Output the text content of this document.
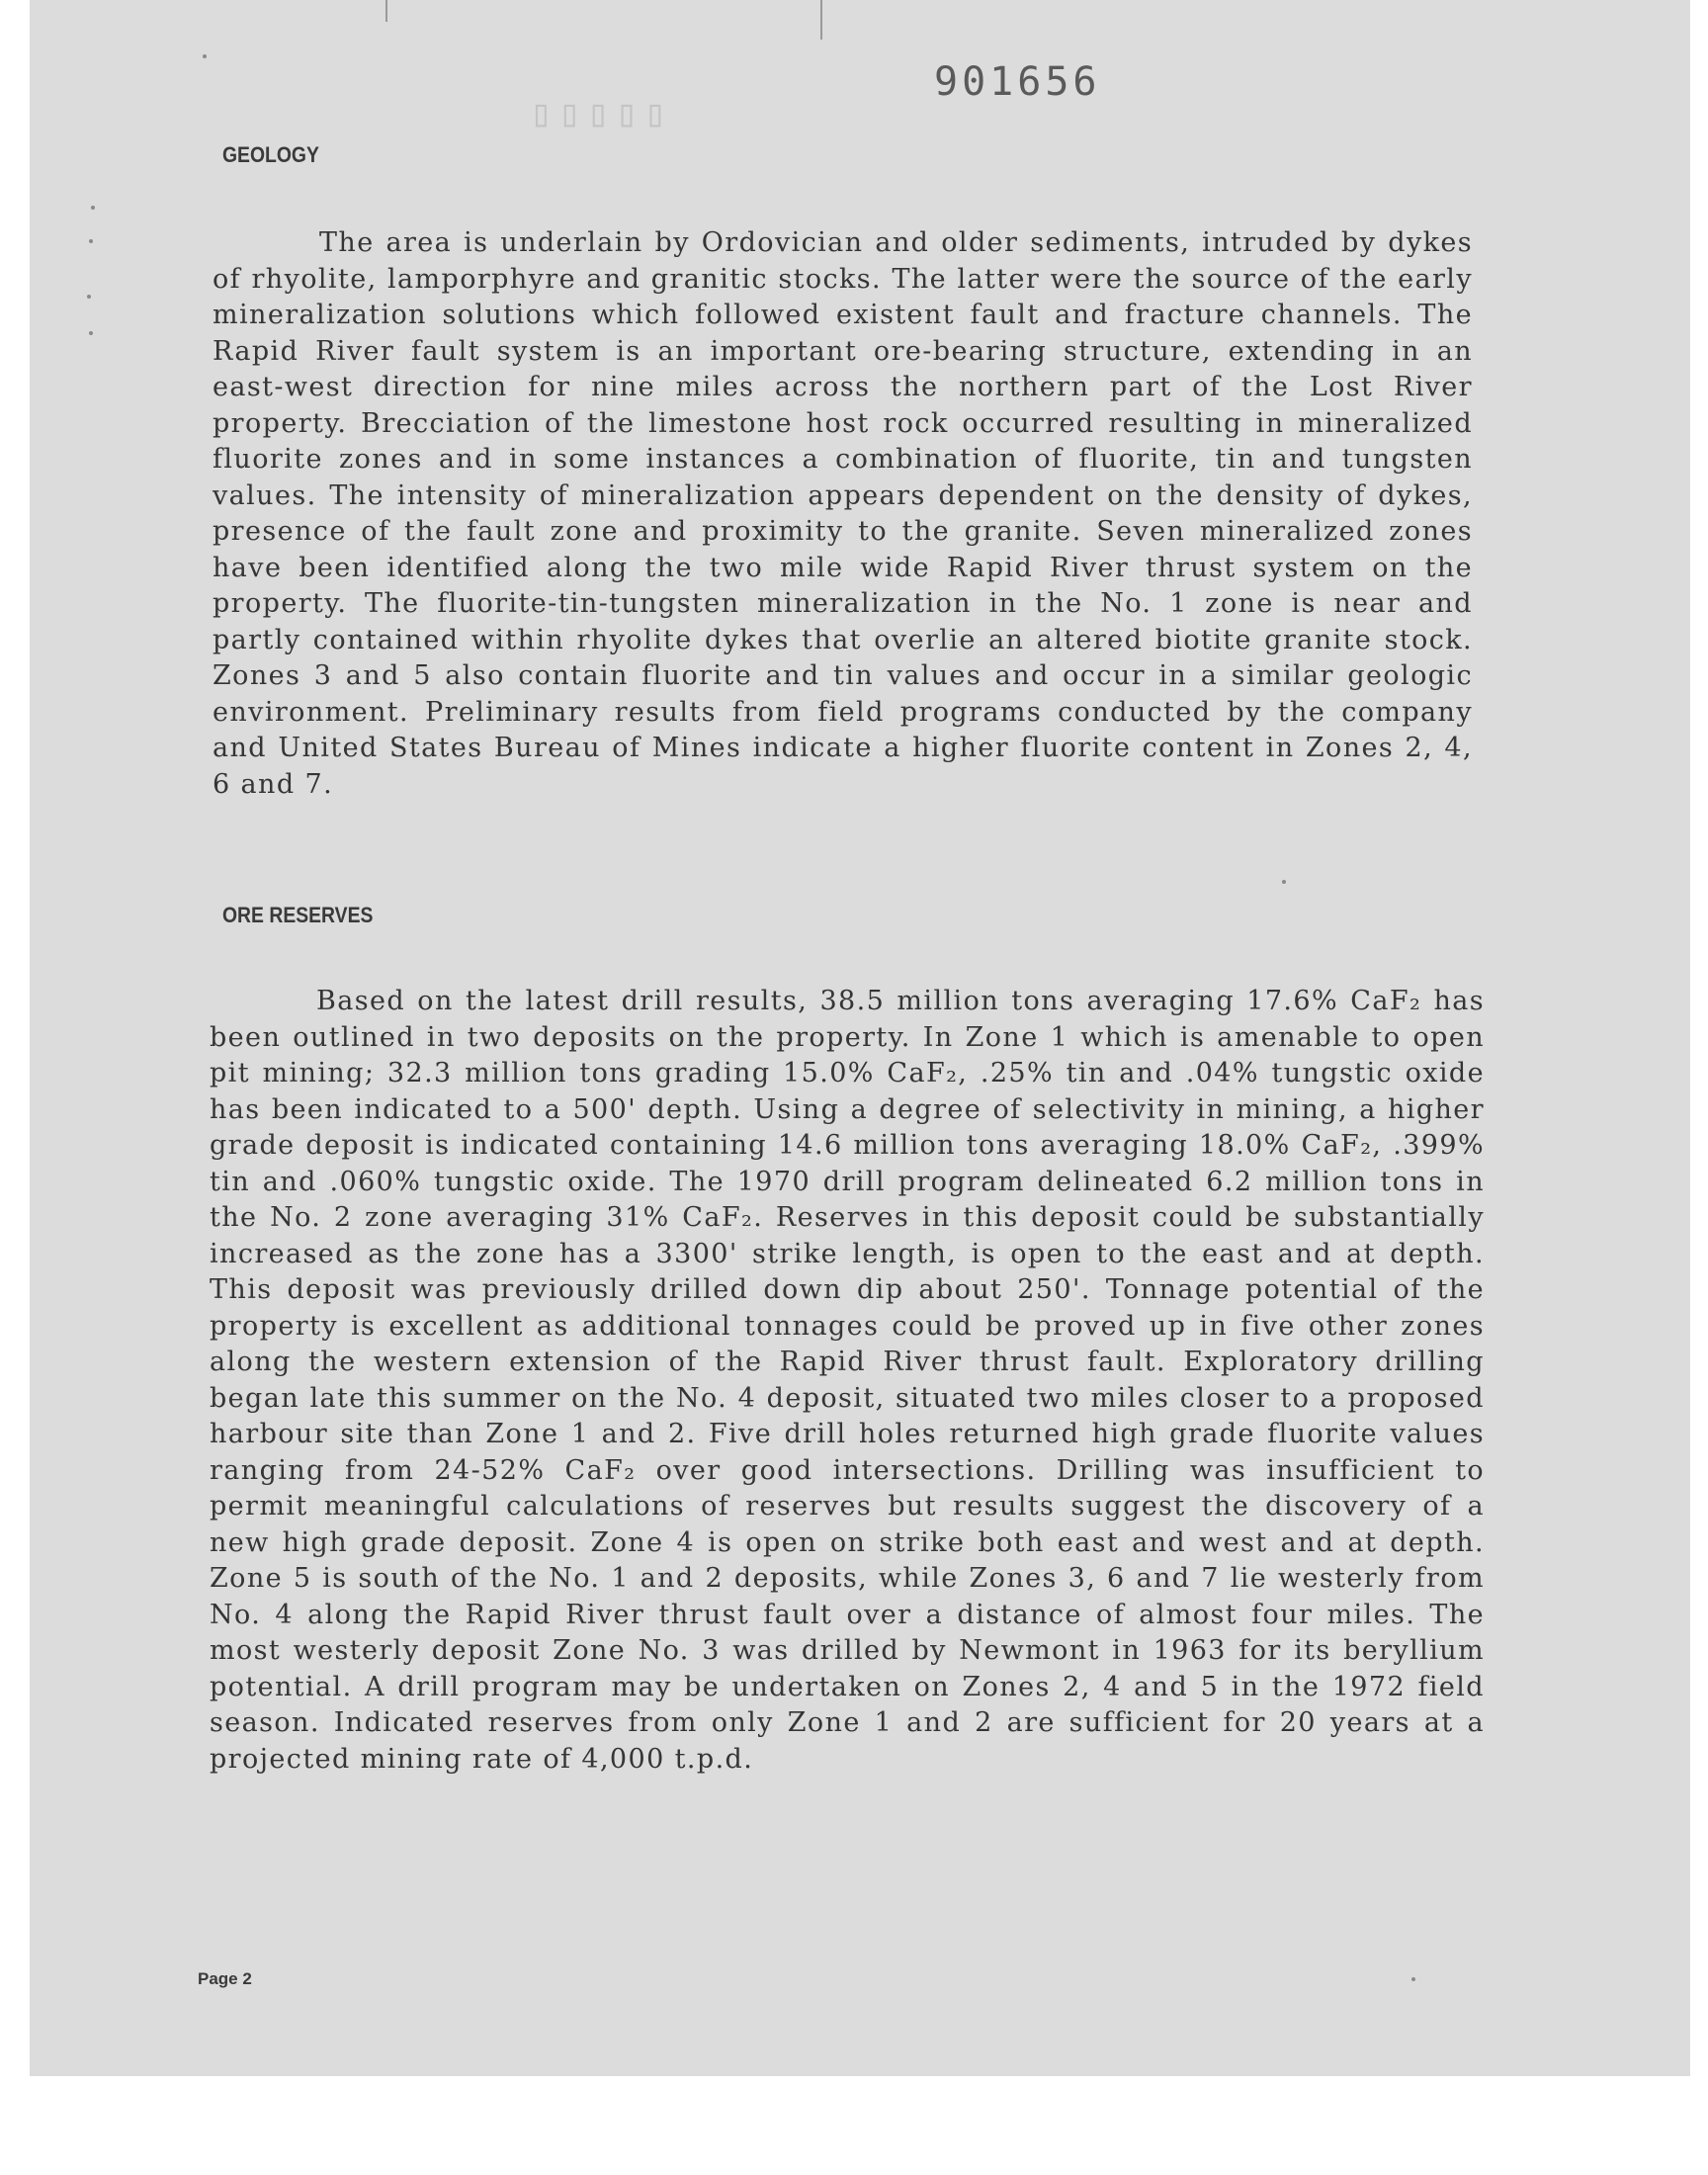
▯▯▯▯▯
901656
GEOLOGY

The area is underlain by Ordovician and older sediments, intruded by dykes of rhyolite, lamporphyre and granitic stocks. The latter were the source of the early mineralization solutions which followed existent fault and fracture channels. The Rapid River fault system is an important ore-bearing structure, extending in an east-west direction for nine miles across the northern part of the Lost River property. Brecciation of the limestone host rock occurred resulting in mineralized fluorite zones and in some instances a combination of fluorite, tin and tungsten values. The intensity of mineralization appears dependent on the density of dykes, presence of the fault zone and proximity to the granite. Seven mineralized zones have been identified along the two mile wide Rapid River thrust system on the property. The fluorite-tin-tungsten mineralization in the No. 1 zone is near and partly contained within rhyolite dykes that overlie an altered biotite granite stock. Zones 3 and 5 also contain fluorite and tin values and occur in a similar geologic environment. Preliminary results from field programs conducted by the company and United States Bureau of Mines indicate a higher fluorite content in Zones 2, 4, 6 and 7.

ORE RESERVES

Based on the latest drill results, 38.5 million tons averaging 17.6% CaF₂ has been outlined in two deposits on the property. In Zone 1 which is amenable to open pit mining; 32.3 million tons grading 15.0% CaF₂, .25% tin and .04% tungstic oxide has been indicated to a 500' depth. Using a degree of selectivity in mining, a higher grade deposit is indicated containing 14.6 million tons averaging 18.0% CaF₂, .399% tin and .060% tungstic oxide. The 1970 drill program delineated 6.2 million tons in the No. 2 zone averaging 31% CaF₂. Reserves in this deposit could be substantially increased as the zone has a 3300' strike length, is open to the east and at depth. This deposit was previously drilled down dip about 250'. Tonnage potential of the property is excellent as additional tonnages could be proved up in five other zones along the western extension of the Rapid River thrust fault. Exploratory drilling began late this summer on the No. 4 deposit, situated two miles closer to a proposed harbour site than Zone 1 and 2. Five drill holes returned high grade fluorite values ranging from 24-52% CaF₂ over good intersections. Drilling was insufficient to permit meaningful calculations of reserves but results suggest the discovery of a new high grade deposit. Zone 4 is open on strike both east and west and at depth. Zone 5 is south of the No. 1 and 2 deposits, while Zones 3, 6 and 7 lie westerly from No. 4 along the Rapid River thrust fault over a distance of almost four miles. The most westerly deposit Zone No. 3 was drilled by Newmont in 1963 for its beryllium potential. A drill program may be undertaken on Zones 2, 4 and 5 in the 1972 field season. Indicated reserves from only Zone 1 and 2 are sufficient for 20 years at a projected mining rate of 4,000 t.p.d.

Page 2
